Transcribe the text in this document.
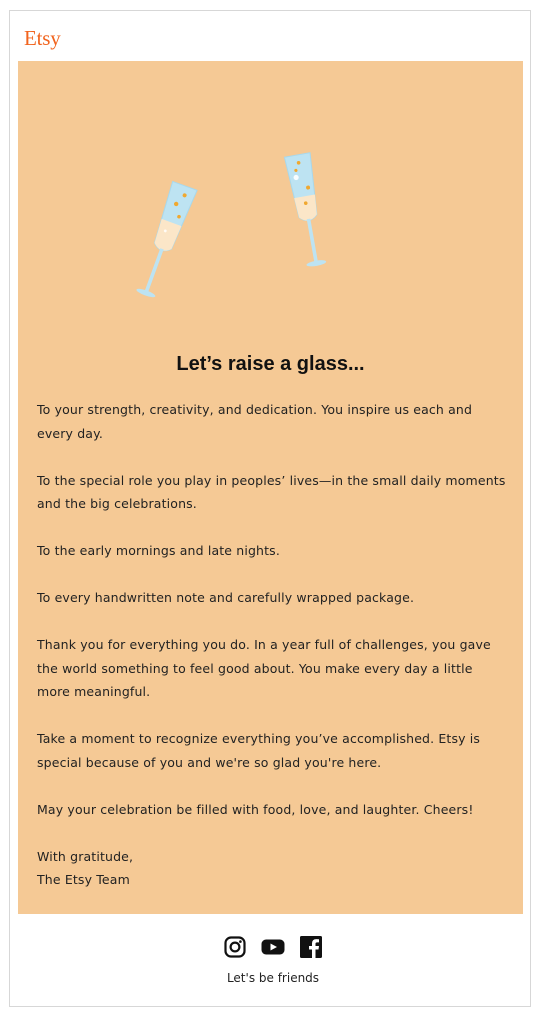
Etsy
Let’s raise a glass...

To your strength, creativity, and dedication. You inspire us each and every day.

To the special role you play in peoples’ lives—in the small daily moments and the big celebrations.

To the early mornings and late nights.

To every handwritten note and carefully wrapped package.

Thank you for everything you do. In a year full of challenges, you gave the world something to feel good about. You make every day a little more meaningful.

Take a moment to recognize everything you’ve accomplished. Etsy is special because of you and we're so glad you're here.

May your celebration be filled with food, love, and laughter. Cheers!

With gratitude,

The Etsy Team

Let's be friends
